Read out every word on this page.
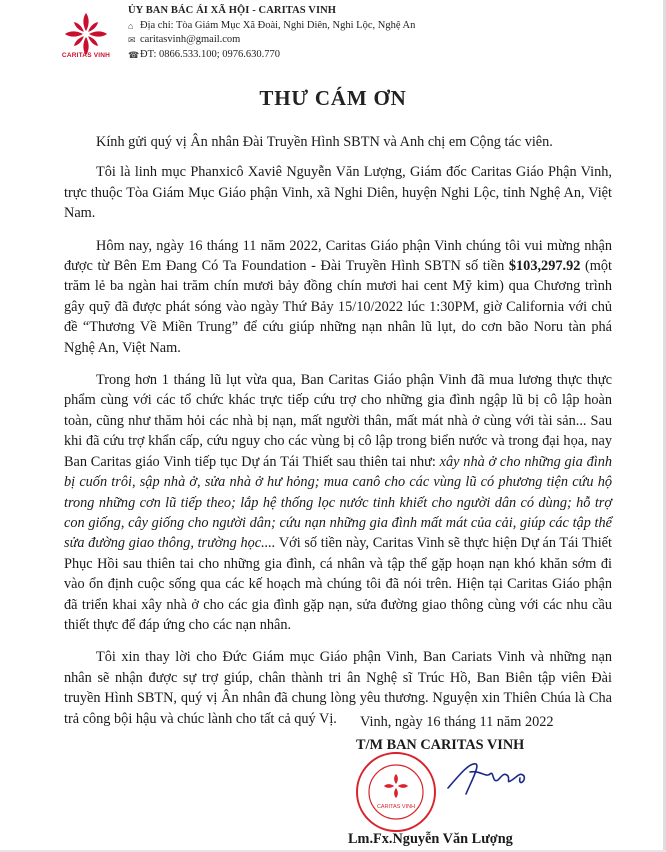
CARITAS VINH
ỦY BAN BÁC ÁI XÃ HỘI - CARITAS VINH
⌂ Địa chỉ: Tòa Giám Mục Xã Đoài, Nghi Diên, Nghi Lộc, Nghệ An
✉ caritasvinh@gmail.com
☎ ĐT: 0866.533.100; 0976.630.770
THƯ CÁM ƠN

Kính gửi quý vị Ân nhân Đài Truyền Hình SBTN và Anh chị em Cộng tác viên.

Tôi là linh mục Phanxicô Xaviê Nguyễn Văn Lượng, Giám đốc Caritas Giáo Phận Vinh, trực thuộc Tòa Giám Mục Giáo phận Vinh, xã Nghi Diên, huyện Nghi Lộc, tỉnh Nghệ An, Việt Nam.

Hôm nay, ngày 16 tháng 11 năm 2022, Caritas Giáo phận Vinh chúng tôi vui mừng nhận được từ Bên Em Đang Có Ta Foundation - Đài Truyền Hình SBTN số tiền $103,297.92 (một trăm lẻ ba ngàn hai trăm chín mươi bảy đồng chín mươi hai cent Mỹ kim) qua Chương trình gây quỹ đã được phát sóng vào ngày Thứ Bảy 15/10/2022 lúc 1:30PM, giờ California với chủ đề “Thương Về Miền Trung” để cứu giúp những nạn nhân lũ lụt, do cơn bão Noru tàn phá Nghệ An, Việt Nam.

Trong hơn 1 tháng lũ lụt vừa qua, Ban Caritas Giáo phận Vinh đã mua lương thực thực phẩm cùng với các tổ chức khác trực tiếp cứu trợ cho những gia đình ngập lũ bị cô lập hoàn toàn, cũng như thăm hỏi các nhà bị nạn, mất người thân, mất mát nhà ở cùng với tài sản... Sau khi đã cứu trợ khẩn cấp, cứu nguy cho các vùng bị cô lập trong biển nước và trong đại họa, nay Ban Caritas giáo Vinh tiếp tục Dự án Tái Thiết sau thiên tai như: xây nhà ở cho những gia đình bị cuốn trôi, sập nhà ở, sửa nhà ở hư hỏng; mua canô cho các vùng lũ có phương tiện cứu hộ trong những cơn lũ tiếp theo; lắp hệ thống lọc nước tinh khiết cho người dân có dùng; hỗ trợ con giống, cây giống cho người dân; cứu nạn những gia đình mất mát của cải, giúp các tập thể sửa đường giao thông, trường học.... Với số tiền này, Caritas Vinh sẽ thực hiện Dự án Tái Thiết Phục Hồi sau thiên tai cho những gia đình, cá nhân và tập thể gặp hoạn nạn khó khăn sớm đi vào ổn định cuộc sống qua các kế hoạch mà chúng tôi đã nói trên. Hiện tại Caritas Giáo phận đã triển khai xây nhà ở cho các gia đình gặp nạn, sửa đường giao thông cùng với các nhu cầu thiết thực để đáp ứng cho các nạn nhân.

Tôi xin thay lời cho Đức Giám mục Giáo phận Vinh, Ban Cariats Vinh và những nạn nhân sẽ nhận được sự trợ giúp, chân thành tri ân Nghệ sĩ Trúc Hồ, Ban Biên tập viên Đài truyền Hình SBTN, quý vị Ân nhân đã chung lòng yêu thương. Nguyện xin Thiên Chúa là Cha trả công bội hậu và chúc lành cho tất cả quý Vị.	Vinh, ngày 16 tháng 11 năm 2022
T/M BAN CARITAS VINH
CARITAS VINH
Lm.Fx.Nguyễn Văn Lượng
